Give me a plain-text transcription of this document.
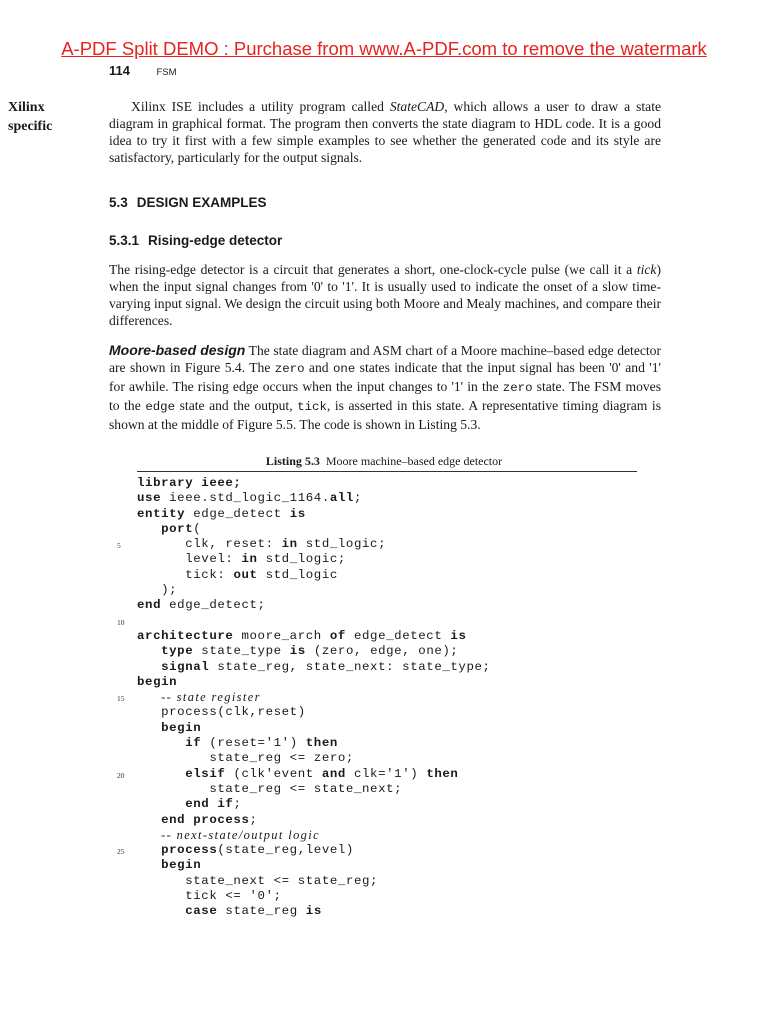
A-PDF Split DEMO : Purchase from www.A-PDF.com to remove the watermark
114	FSM
Xilinx
specific
Xilinx ISE includes a utility program called StateCAD, which allows a user to draw a state diagram in graphical format. The program then converts the state diagram to HDL code. It is a good idea to try it first with a few simple examples to see whether the generated code and its style are satisfactory, particularly for the output signals.
5.3 DESIGN EXAMPLES
5.3.1 Rising-edge detector
The rising-edge detector is a circuit that generates a short, one-clock-cycle pulse (we call it a tick) when the input signal changes from '0' to '1'. It is usually used to indicate the onset of a slow time-varying input signal. We design the circuit using both Moore and Mealy machines, and compare their differences.
Moore-based design The state diagram and ASM chart of a Moore machine–based edge detector are shown in Figure 5.4. The zero and one states indicate that the input signal has been '0' and '1' for awhile. The rising edge occurs when the input changes to '1' in the zero state. The FSM moves to the edge state and the output, tick, is asserted in this state. A representative timing diagram is shown at the middle of Figure 5.5. The code is shown in Listing 5.3.
Listing 5.3 Moore machine–based edge detector
library ieee;
use ieee.std_logic_1164.all;
entity edge_detect is
port(
clk, reset: in std_logic;
level: in std_logic;
tick: out std_logic
);
end edge_detect;
architecture moore_arch of edge_detect is
type state_type is (zero, edge, one);
signal state_reg, state_next: state_type;
begin
-- state register
process(clk,reset)
begin
if (reset='1') then
state_reg <= zero;
elsif (clk'event and clk='1') then
state_reg <= state_next;
end if;
end process;
-- next-state/output logic
process(state_reg,level)
begin
state_next <= state_reg;
tick <= '0';
case state_reg is
5
10
15
20
25
